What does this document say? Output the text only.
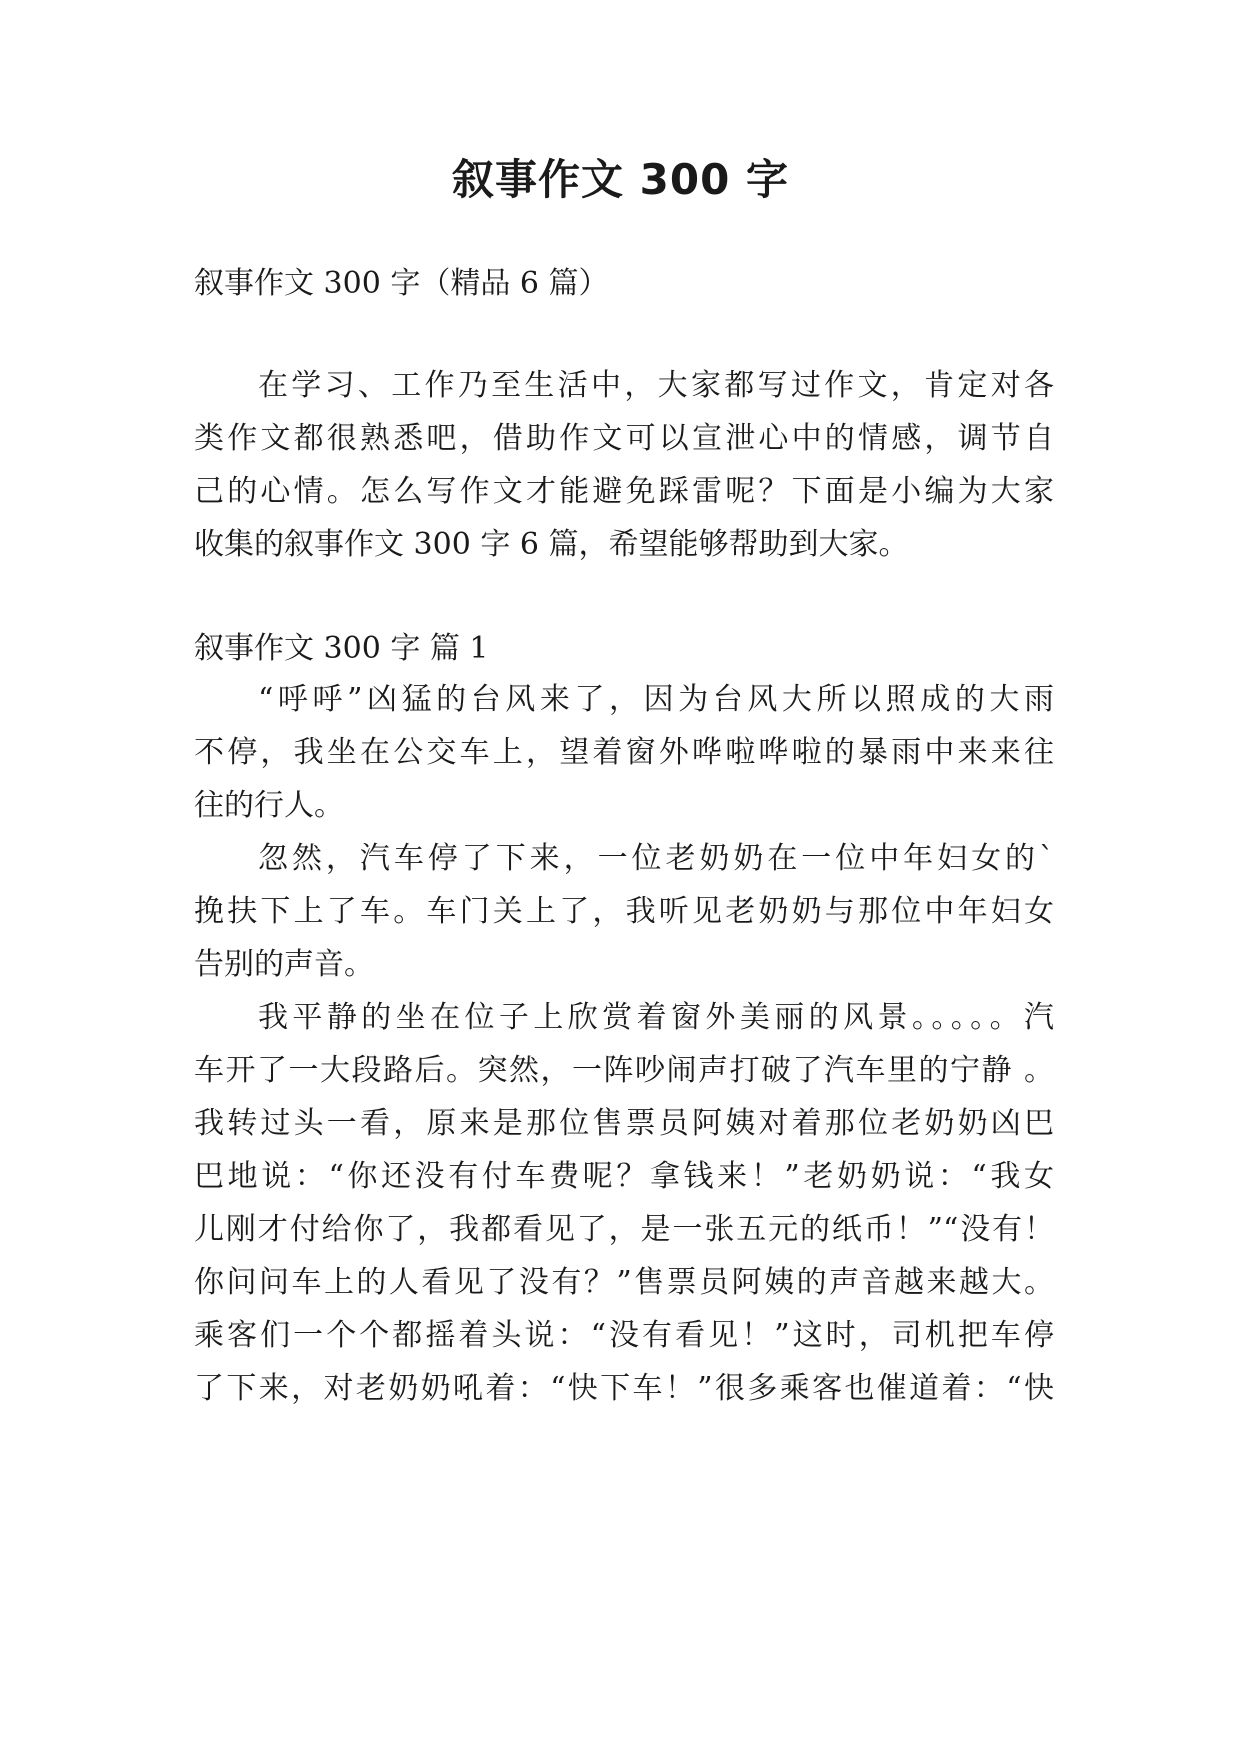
叙事作文 300 字
叙事作文 300 字（精品 6 篇）
在学习、工作乃至生活中，大家都写过作文，肯定对各
类作文都很熟悉吧，借助作文可以宣泄心中的情感，调节自
己的心情。怎么写作文才能避免踩雷呢？下面是小编为大家
收集的叙事作文 300 字 6 篇，希望能够帮助到大家。
叙事作文 300 字 篇 1
“呼呼”凶猛的台风来了，因为台风大所以照成的大雨
不停，我坐在公交车上，望着窗外哗啦哗啦的暴雨中来来往
往的行人。
忽然，汽车停了下来，一位老奶奶在一位中年妇女的`
挽扶下上了车。车门关上了，我听见老奶奶与那位中年妇女
告别的声音。
我平静的坐在位子上欣赏着窗外美丽的风景。。。。。汽
车开了一大段路后。突然，一阵吵闹声打破了汽车里的宁静 。
我转过头一看，原来是那位售票员阿姨对着那位老奶奶凶巴
巴地说：“你还没有付车费呢？拿钱来！”老奶奶说：“我女
儿刚才付给你了，我都看见了，是一张五元的纸币！”“没有！
你问问车上的人看见了没有？”售票员阿姨的声音越来越大。
乘客们一个个都摇着头说：“没有看见！”这时，司机把车停
了下来，对老奶奶吼着：“快下车！”很多乘客也催道着：“快
